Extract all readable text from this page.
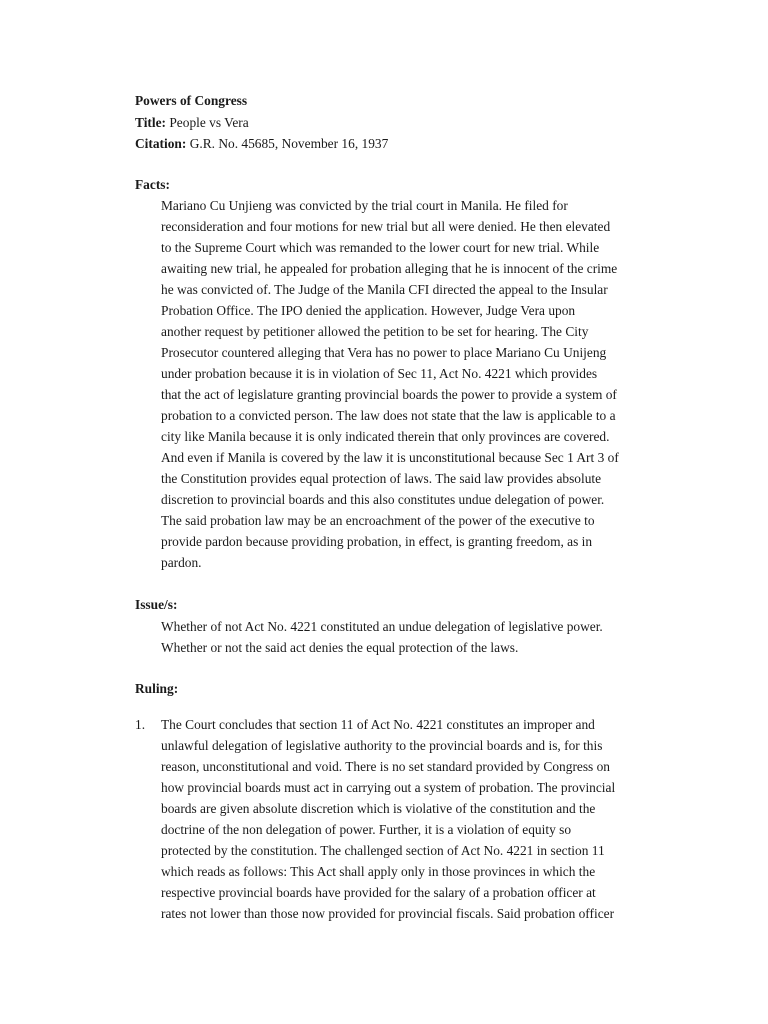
Powers of Congress
Title: People vs Vera
Citation: G.R. No. 45685, November 16, 1937
Facts:
Mariano Cu Unjieng was convicted by the trial court in Manila. He filed for
reconsideration and four motions for new trial but all were denied. He then elevated
to the Supreme Court which was remanded to the lower court for new trial. While
awaiting new trial, he appealed for probation alleging that he is innocent of the crime
he was convicted of. The Judge of the Manila CFI directed the appeal to the Insular
Probation Office. The IPO denied the application. However, Judge Vera upon
another request by petitioner allowed the petition to be set for hearing. The City
Prosecutor countered alleging that Vera has no power to place Mariano Cu Unijeng
under probation because it is in violation of Sec 11, Act No. 4221 which provides
that the act of legislature granting provincial boards the power to provide a system of
probation to a convicted person. The law does not state that the law is applicable to a
city like Manila because it is only indicated therein that only provinces are covered.
And even if Manila is covered by the law it is unconstitutional because Sec 1 Art 3 of
the Constitution provides equal protection of laws. The said law provides absolute
discretion to provincial boards and this also constitutes undue delegation of power.
The said probation law may be an encroachment of the power of the executive to
provide pardon because providing probation, in effect, is granting freedom, as in
pardon.
Issue/s:
Whether of not Act No. 4221 constituted an undue delegation of legislative power.
Whether or not the said act denies the equal protection of the laws.
Ruling:
1. The Court concludes that section 11 of Act No. 4221 constitutes an improper and
unlawful delegation of legislative authority to the provincial boards and is, for this
reason, unconstitutional and void. There is no set standard provided by Congress on
how provincial boards must act in carrying out a system of probation. The provincial
boards are given absolute discretion which is violative of the constitution and the
doctrine of the non delegation of power. Further, it is a violation of equity so
protected by the constitution. The challenged section of Act No. 4221 in section 11
which reads as follows: This Act shall apply only in those provinces in which the
respective provincial boards have provided for the salary of a probation officer at
rates not lower than those now provided for provincial fiscals. Said probation officer
